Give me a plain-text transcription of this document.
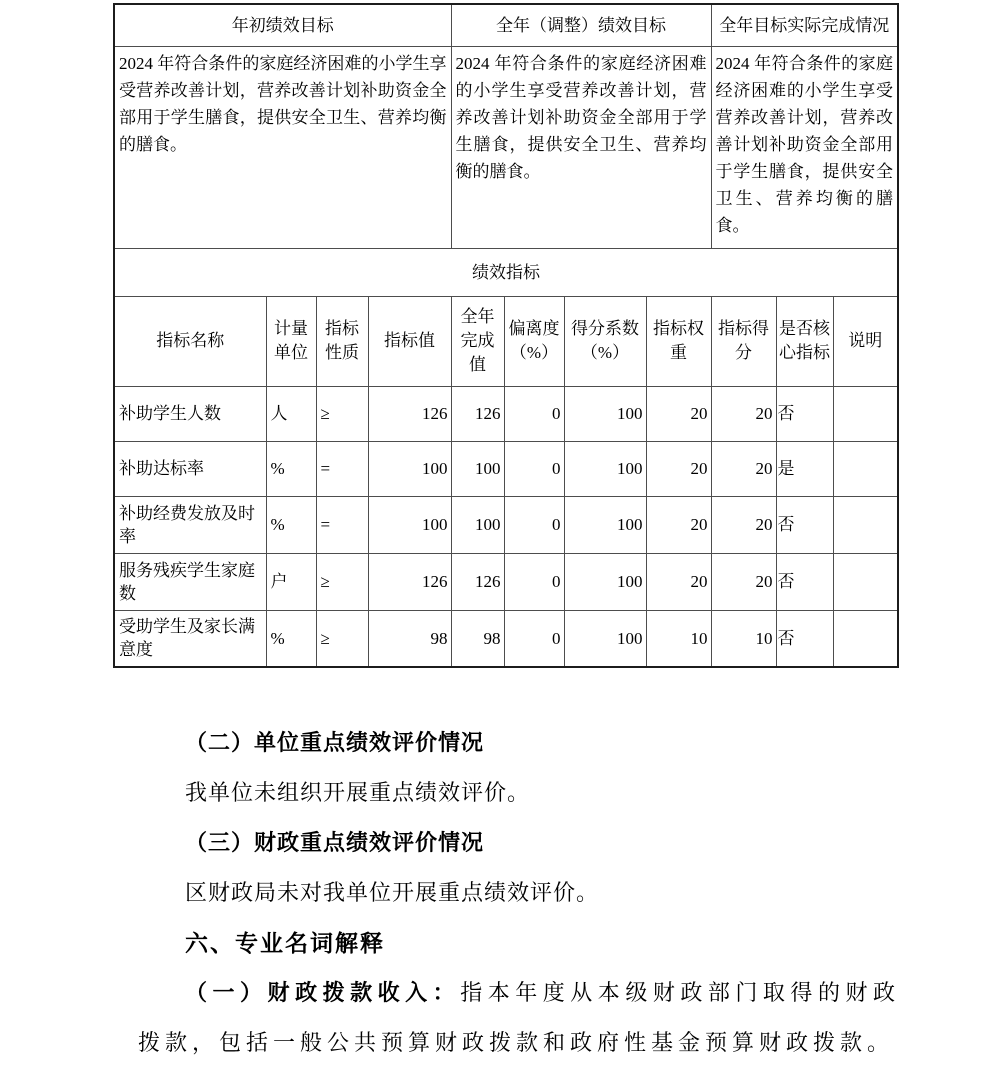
年初绩效目标				全年（调整）绩效目标				全年目标实际完成情况		
2024 年符合条件的家庭经济困难的小学生享受营养改善计划，营养改善计划补助资金全部用于学生膳食，提供安全卫生、营养均衡的膳食。				2024 年符合条件的家庭经济困难的小学生享受营养改善计划，营养改善计划补助资金全部用于学生膳食，提供安全卫生、营养均衡的膳食。				2024 年符合条件的家庭经济困难的小学生享受营养改善计划，营养改善计划补助资金全部用于学生膳食，提供安全卫生、营养均衡的膳食。		
绩效指标										
指标名称	计量单位	指标性质	指标值	全年完成值	偏离度（%）	得分系数（%）	指标权重	指标得分	是否核心指标	说明
补助学生人数	人	≥	126	126	0	100	20	20	否	
补助达标率	%	=	100	100	0	100	20	20	是	
补助经费发放及时率	%	=	100	100	0	100	20	20	否	
服务残疾学生家庭数	户	≥	126	126	0	100	20	20	否	
受助学生及家长满意度	%	≥	98	98	0	100	10	10	否	

（二）单位重点绩效评价情况

我单位未组织开展重点绩效评价。

（三）财政重点绩效评价情况

区财政局未对我单位开展重点绩效评价。

六、专业名词解释

（一）财政拨款收入：指本年度从本级财政部门取得的财政拨款，包括一般公共预算财政拨款和政府性基金预算财政拨款。
